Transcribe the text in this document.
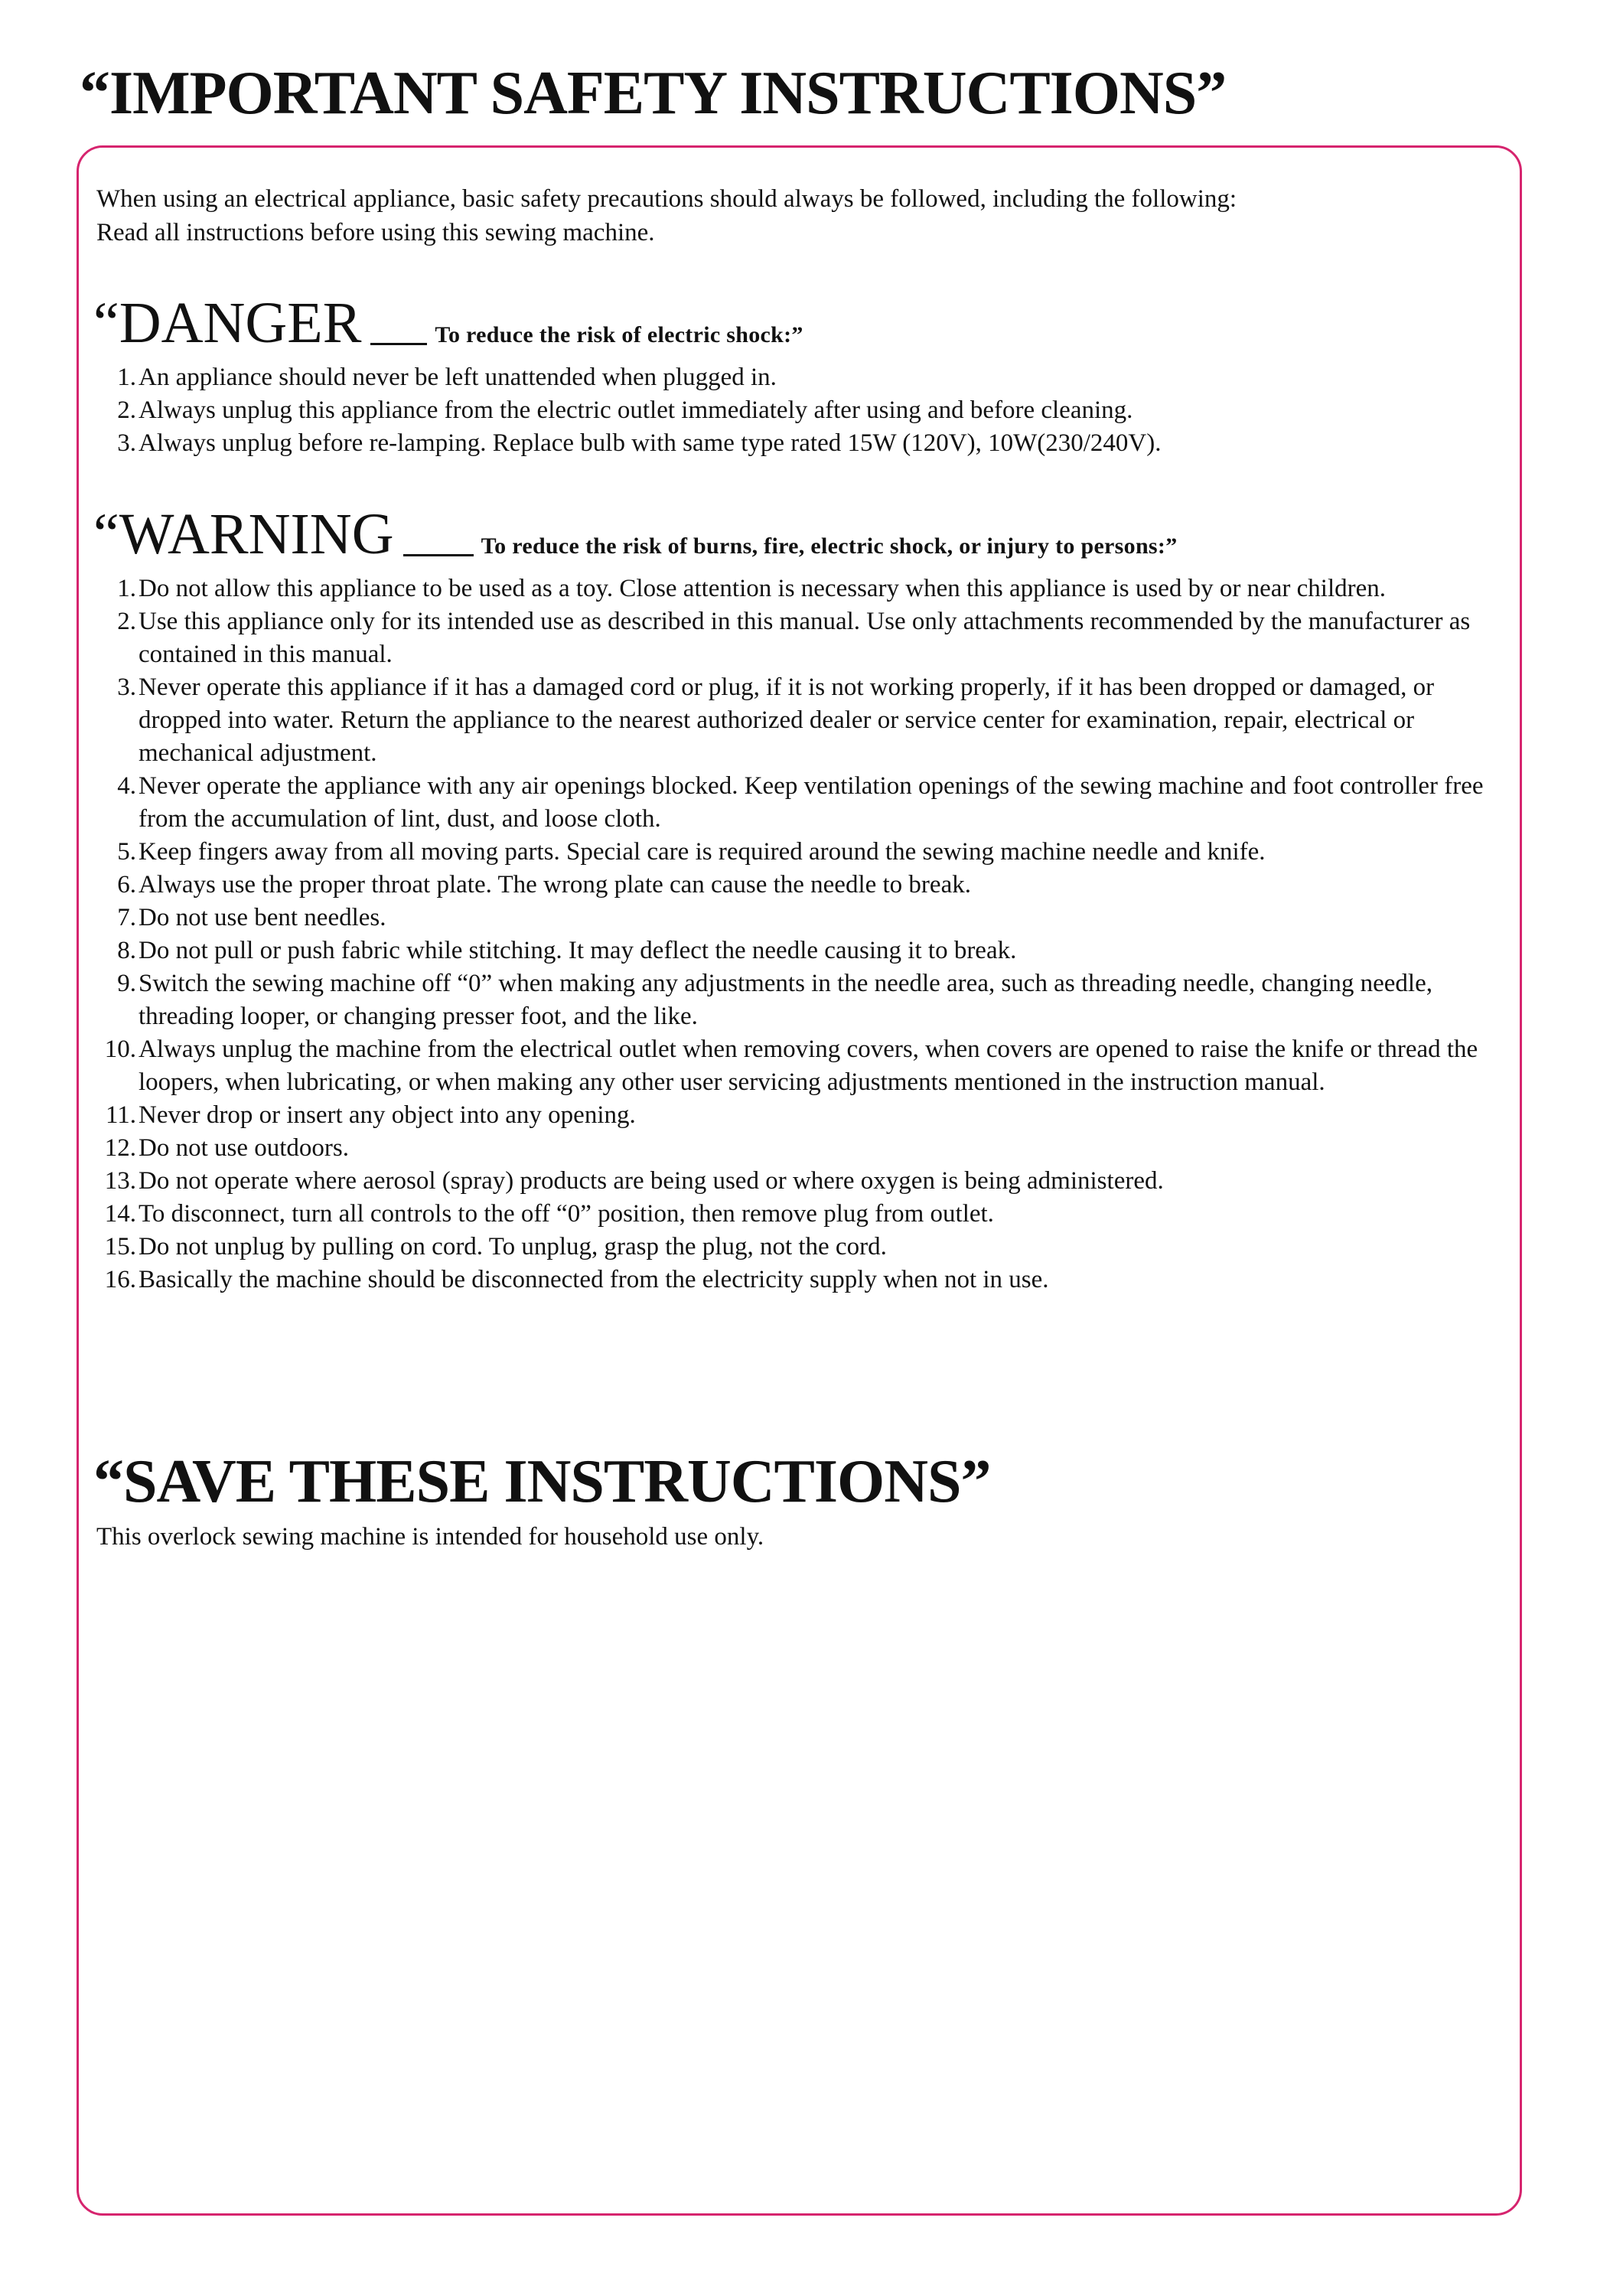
“IMPORTANT SAFETY INSTRUCTIONS”
When using an electrical appliance, basic safety precautions should always be followed, including the following:
Read all instructions before using this sewing machine.
“DANGER	To reduce the risk of electric shock:”
1. An appliance should never be left unattended when plugged in.
2. Always unplug this appliance from the electric outlet immediately after using and before cleaning.
3. Always unplug before re-lamping. Replace bulb with same type rated 15W (120V), 10W(230/240V).
“WARNING	To reduce the risk of burns, fire, electric shock, or injury to persons:”
1. Do not allow this appliance to be used as a toy. Close attention is necessary when this appliance is used by or near children.
2. Use this appliance only for its intended use as described in this manual. Use only attachments recommended by the manufacturer as contained in this manual.
3. Never operate this appliance if it has a damaged cord or plug, if it is not working properly, if it has been dropped or damaged, or dropped into water. Return the appliance to the nearest authorized dealer or service center for examination, repair, electrical or mechanical adjustment.
4. Never operate the appliance with any air openings blocked. Keep ventilation openings of the sewing machine and foot controller free from the accumulation of lint, dust, and loose cloth.
5. Keep fingers away from all moving parts. Special care is required around the sewing machine needle and knife.
6. Always use the proper throat plate. The wrong plate can cause the needle to break.
7. Do not use bent needles.
8. Do not pull or push fabric while stitching. It may deflect the needle causing it to break.
9. Switch the sewing machine off “0” when making any adjustments in the needle area, such as threading needle, changing needle, threading looper, or changing presser foot, and the like.
10. Always unplug the machine from the electrical outlet when removing covers, when covers are opened to raise the knife or thread the loopers, when lubricating, or when making any other user servicing adjustments mentioned in the instruction manual.
11. Never drop or insert any object into any opening.
12. Do not use outdoors.
13. Do not operate where aerosol (spray) products are being used or where oxygen is being administered.
14. To disconnect, turn all controls to the off “0” position, then remove plug from outlet.
15. Do not unplug by pulling on cord. To unplug, grasp the plug, not the cord.
16. Basically the machine should be disconnected from the electricity supply when not in use.
“SAVE THESE INSTRUCTIONS”
This overlock sewing machine is intended for household use only.
